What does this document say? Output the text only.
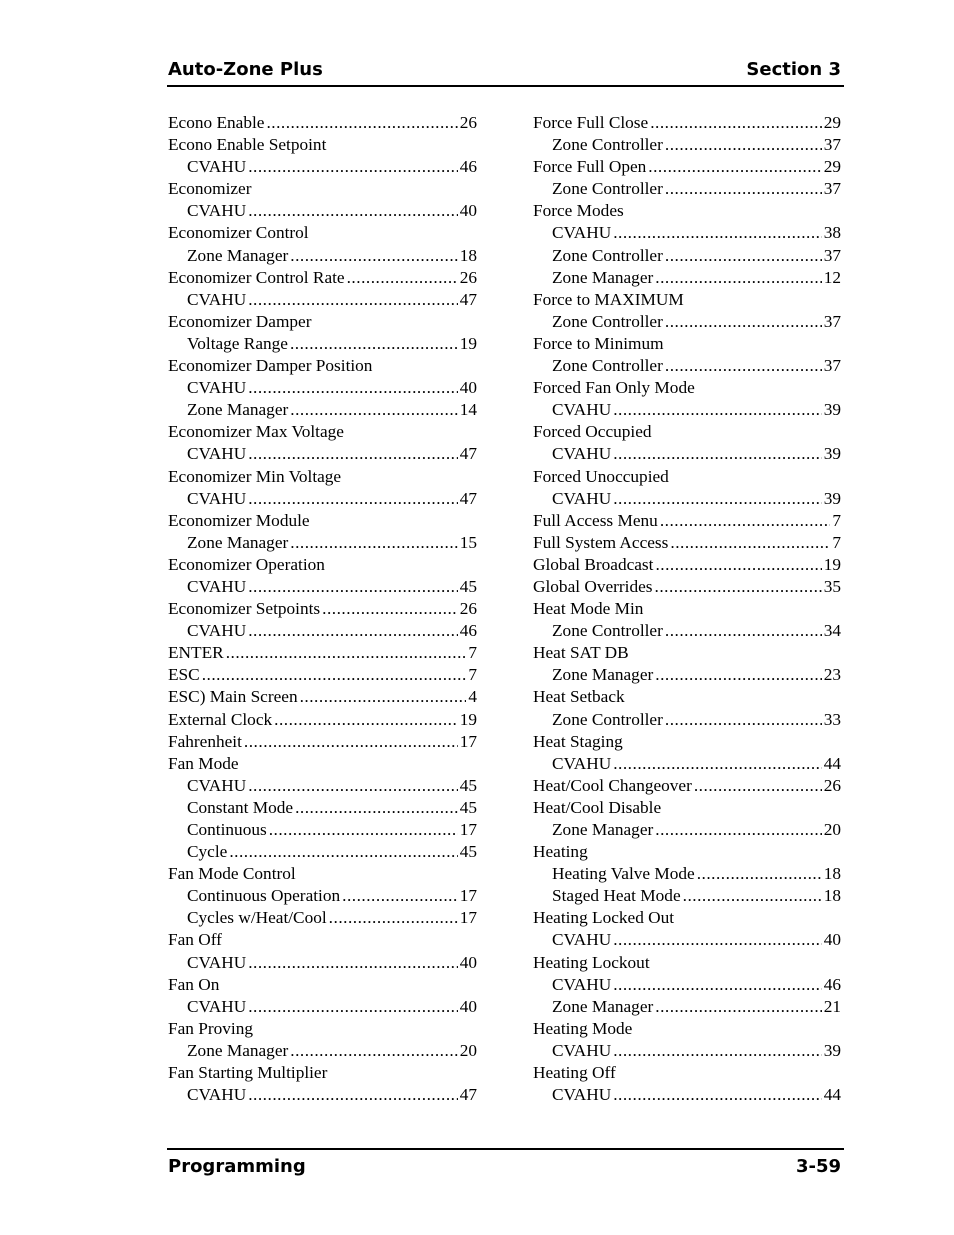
Auto-Zone Plus	Section 3
Econo Enable .....	26
Econo Enable Setpoint
CVAHU .....	46
Economizer
CVAHU .....	40
Economizer Control
Zone Manager .....	18
Economizer Control Rate .....	26
CVAHU .....	47
Economizer Damper
Voltage Range .....	19
Economizer Damper Position
CVAHU .....	40
Zone Manager .....	14
Economizer Max Voltage
CVAHU .....	47
Economizer Min Voltage
CVAHU .....	47
Economizer Module
Zone Manager .....	15
Economizer Operation
CVAHU .....	45
Economizer Setpoints .....	26
CVAHU .....	46
ENTER .....	7
ESC .....	7
ESC) Main Screen .....	4
External Clock .....	19
Fahrenheit .....	17
Fan Mode
CVAHU .....	45
Constant Mode .....	45
Continuous .....	17
Cycle .....	45
Fan Mode Control
Continuous Operation .....	17
Cycles w/Heat/Cool .....	17
Fan Off
CVAHU .....	40
Fan On
CVAHU .....	40
Fan Proving
Zone Manager .....	20
Fan Starting Multiplier
CVAHU .....	47
Force Full Close .....	29
Zone Controller .....	37
Force Full Open .....	29
Zone Controller .....	37
Force Modes
CVAHU .....	38
Zone Controller .....	37
Zone Manager .....	12
Force to MAXIMUM
Zone Controller .....	37
Force to Minimum
Zone Controller .....	37
Forced Fan Only Mode
CVAHU .....	39
Forced Occupied
CVAHU .....	39
Forced Unoccupied
CVAHU .....	39
Full Access Menu .....	7
Full System Access .....	7
Global Broadcast .....	19
Global Overrides .....	35
Heat Mode Min
Zone Controller .....	34
Heat SAT DB
Zone Manager .....	23
Heat Setback
Zone Controller .....	33
Heat Staging
CVAHU .....	44
Heat/Cool Changeover .....	26
Heat/Cool Disable
Zone Manager .....	20
Heating
Heating Valve Mode .....	18
Staged Heat Mode .....	18
Heating Locked Out
CVAHU .....	40
Heating Lockout
CVAHU .....	46
Zone Manager .....	21
Heating Mode
CVAHU .....	39
Heating Off
CVAHU .....	44
Programming	3-59
